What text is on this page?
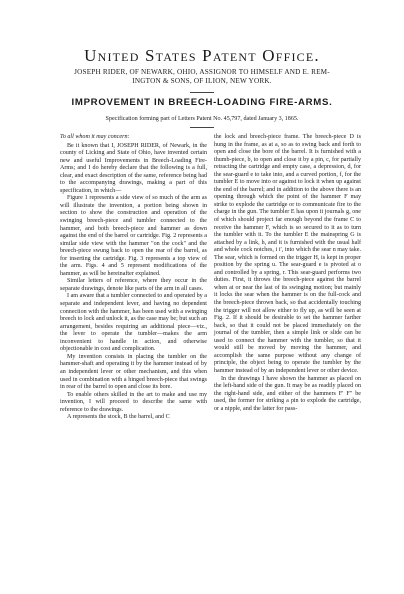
United States Patent Office.
JOSEPH RIDER, OF NEWARK, OHIO, ASSIGNOR TO HIMSELF AND E. REM-
INGTON & SONS, OF ILION, NEW YORK.
IMPROVEMENT IN BREECH-LOADING FIRE-ARMS.
Specification forming part of Letters Patent No. 45,797, dated January 3, 1865.

To all whom it may concern:

Be it known that I, JOSEPH RIDER, of Newark, in the county of Licking and State of Ohio, have invented certain new and useful Improvements in Breech-Loading Fire-Arms; and I do hereby declare that the following is a full, clear, and exact description of the same, reference being had to the accompanying drawings, making a part of this specification, in which—

Figure 1 represents a side view of so much of the arm as will illustrate the invention, a portion being shown in section to show the construction and operation of the swinging breech-piece and tumbler connected to the hammer, and both breech-piece and hammer as down against the end of the barrel or cartridge. Fig. 2 represents a similar side view with the hammer "on the cock" and the breech-piece swung back to open the rear of the barrel, as for inserting the cartridge. Fig. 3 represents a top view of the arm. Figs. 4 and 5 represent modifications of the hammer, as will be hereinafter explained.

Similar letters of reference, where they occur in the separate drawings, denote like parts of the arm in all cases.

I am aware that a tumbler connected to and operated by a separate and independent lever, and having no dependent connection with the hammer, has been used with a swinging breech to lock and unlock it, as the case may be; but such an arrangement, besides requiring an additional piece—viz., the lever to operate the tumbler—makes the arm inconvenient to handle in action, and otherwise objectionable in cost and complication.

My invention consists in placing the tumbler on the hammer-shaft and operating it by the hammer instead of by an independent lever or other mechanism, and this when used in combination with a hinged breech-piece that swings in rear of the barrel to open and close its bore.

To enable others skilled in the art to make and use my invention, I will proceed to describe the same with reference to the drawings.

A represents the stock, B the barrel, and C

the lock and breech-piece frame. The breech-piece D is hung in the frame, as at a, so as to swing back and forth to open and close the bore of the barrel. It is furnished with a thumb-piece, b, to open and close it by a pin, c, for partially retracting the cartridge and empty case, a depression, d, for the sear-guard e to take into, and a curved portion, f, for the tumbler E to move into or against to lock it when up against the end of the barrel; and in addition to the above there is an opening through which the point of the hammer F may strike to explode the cartridge or to communicate fire to the charge in the gun. The tumbler E has upon it journals g, one of which should project far enough beyond the frame C to receive the hammer F, which is so secured to it as to turn the tumbler with it. To the tumbler E the mainspring G is attached by a link, h, and it is furnished with the usual half and whole cock notches, i i′, into which the sear n may take. The sear, which is formed on the trigger H, is kept in proper position by the spring u. The sear-guard e is pivoted at o and controlled by a spring, r. This sear-guard performs two duties. First, it throws the breech-piece against the barrel when at or near the last of its swinging motion; but mainly it locks the sear when the hammer is on the full-cock and the breech-piece thrown back, so that accidentally touching the trigger will not allow either to fly up, as will be seen at Fig. 2. If it should be desirable to set the hammer farther back, so that it could not be placed immediately on the journal of the tumbler, then a simple link or slide can be used to connect the hammer with the tumbler, so that it would still be moved by moving the hammer, and accomplish the same purpose without any change of principle, the object being to operate the tumbler by the hammer instead of by an independent lever or other device.

In the drawings I have shown the hammer as placed on the left-hand side of the gun. It may be as readily placed on the right-hand side, and either of the hammers F′ F″ be used, the former for striking a pin to explode the cartridge, or a nipple, and the latter for pass-
